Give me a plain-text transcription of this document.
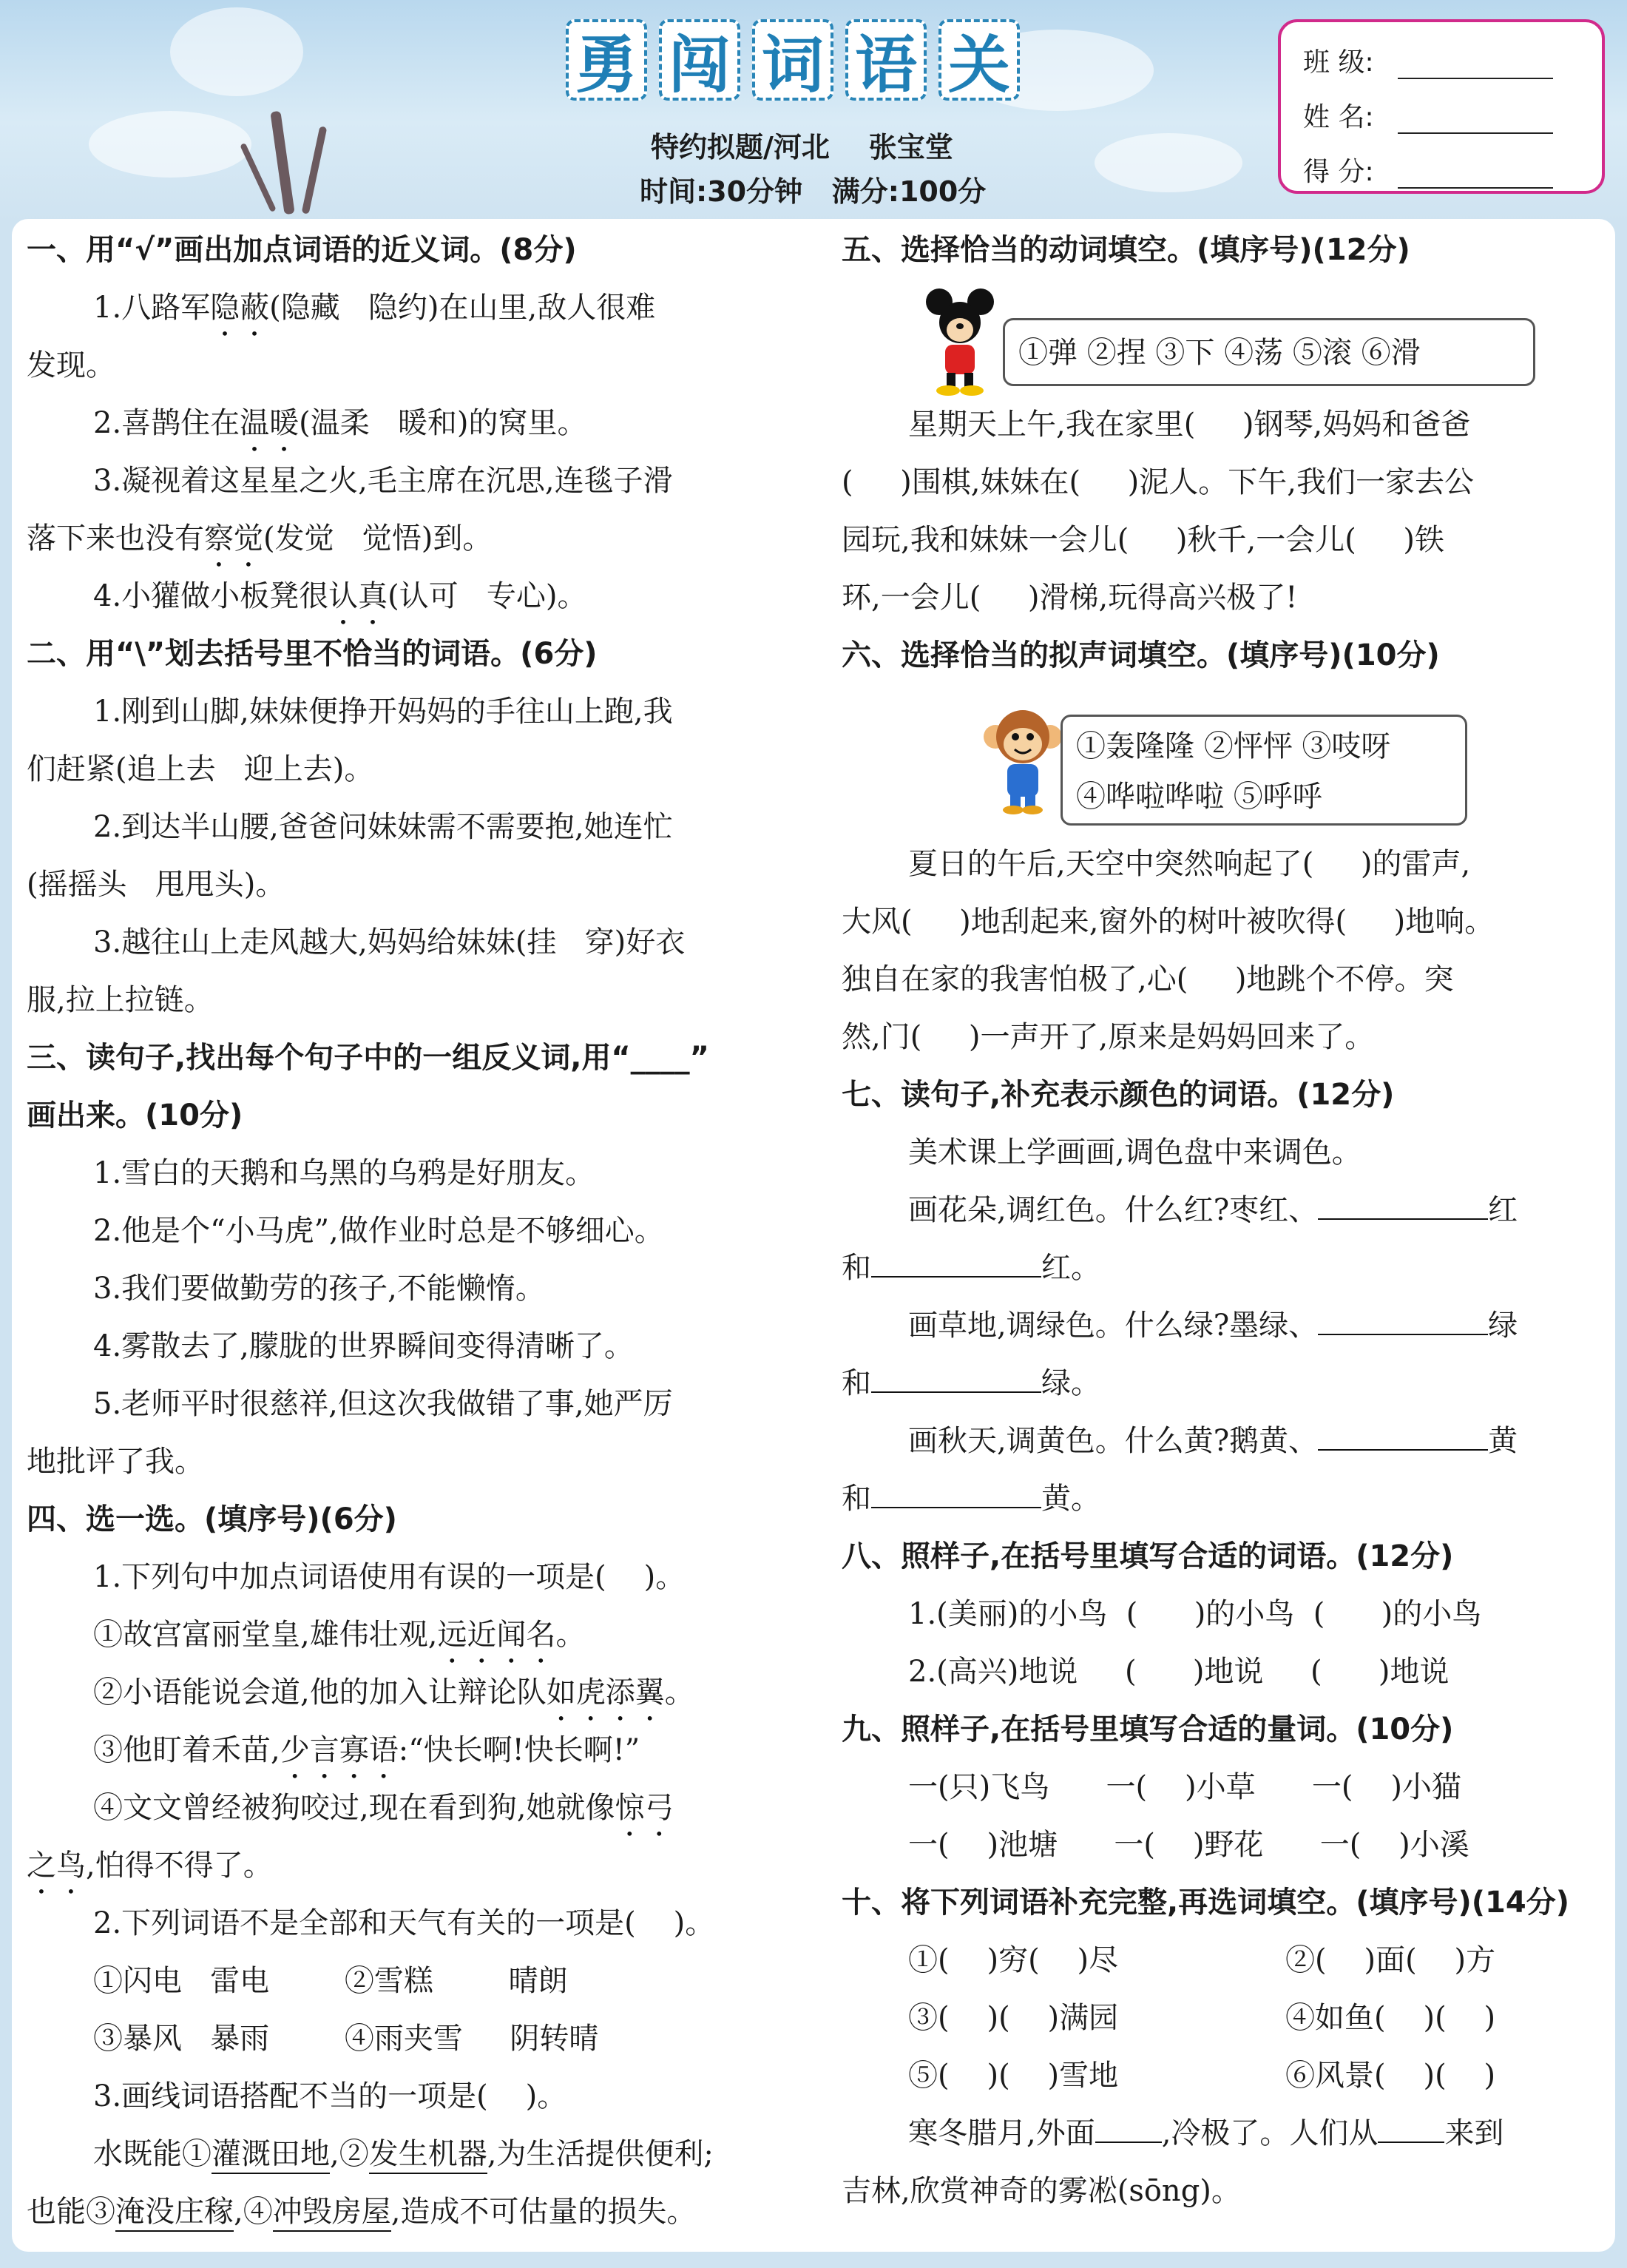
勇 闯 词 语 关
特约拟题/河北    张宝堂
时间:30分钟   满分:100分
班 级:
姓 名:
得 分:
一、用“√”画出加点词语的近义词。(8分)
1.八路军隐蔽(隐藏   隐约)在山里,敌人很难
发现。
2.喜鹊住在温暖(温柔   暖和)的窝里。
3.凝视着这星星之火,毛主席在沉思,连毯子滑
落下来也没有察觉(发觉   觉悟)到。
4.小獾做小板凳很认真(认可   专心)。
二、用“\”划去括号里不恰当的词语。(6分)
1.刚到山脚,妹妹便挣开妈妈的手往山上跑,我
们赶紧(追上去   迎上去)。
2.到达半山腰,爸爸问妹妹需不需要抱,她连忙
(摇摇头   甩甩头)。
3.越往山上走风越大,妈妈给妹妹(挂   穿)好衣
服,拉上拉链。
三、读句子,找出每个句子中的一组反义词,用“____”
画出来。(10分)
1.雪白的天鹅和乌黑的乌鸦是好朋友。
2.他是个“小马虎”,做作业时总是不够细心。
3.我们要做勤劳的孩子,不能懒惰。
4.雾散去了,朦胧的世界瞬间变得清晰了。
5.老师平时很慈祥,但这次我做错了事,她严厉
地批评了我。
四、选一选。(填序号)(6分)
1.下列句中加点词语使用有误的一项是(    )。
①故宫富丽堂皇,雄伟壮观,远近闻名。
②小语能说会道,他的加入让辩论队如虎添翼。
③他盯着禾苗,少言寡语:“快长啊!快长啊!”
④文文曾经被狗咬过,现在看到狗,她就像惊弓
之鸟,怕得不得了。
2.下列词语不是全部和天气有关的一项是(    )。
①闪电   雷电        ②雪糕        晴朗
③暴风   暴雨        ④雨夹雪     阴转晴
3.画线词语搭配不当的一项是(    )。
水既能①灌溉田地,②发生机器,为生活提供便利;
也能③淹没庄稼,④冲毁房屋,造成不可估量的损失。
五、选择恰当的动词填空。(填序号)(12分)
①弹 ②捏 ③下 ④荡 ⑤滚 ⑥滑
星期天上午,我在家里(     )钢琴,妈妈和爸爸
(     )围棋,妹妹在(     )泥人。下午,我们一家去公
园玩,我和妹妹一会儿(     )秋千,一会儿(     )铁
环,一会儿(     )滑梯,玩得高兴极了!
六、选择恰当的拟声词填空。(填序号)(10分)
①轰隆隆 ②怦怦 ③吱呀
④哗啦哗啦 ⑤呼呼
夏日的午后,天空中突然响起了(     )的雷声,
大风(     )地刮起来,窗外的树叶被吹得(     )地响。
独自在家的我害怕极了,心(     )地跳个不停。突
然,门(     )一声开了,原来是妈妈回来了。
七、读句子,补充表示颜色的词语。(12分)
美术课上学画画,调色盘中来调色。
画花朵,调红色。什么红?枣红、	红
和	红。
画草地,调绿色。什么绿?墨绿、	绿
和	绿。
画秋天,调黄色。什么黄?鹅黄、	黄
和	黄。
八、照样子,在括号里填写合适的词语。(12分)
1.(美丽)的小鸟  (      )的小鸟  (      )的小鸟
2.(高兴)地说     (      )地说     (      )地说
九、照样子,在括号里填写合适的量词。(10分)
一(只)飞鸟      一(    )小草      一(    )小猫
一(    )池塘      一(    )野花      一(    )小溪
十、将下列词语补充完整,再选词填空。(填序号)(14分)
①(    )穷(    )尽	②(    )面(    )方
③(    )(    )满园	④如鱼(    )(    )
⑤(    )(    )雪地	⑥风景(    )(    )
寒冬腊月,外面 ,冷极了。人们从 来到
吉林,欣赏神奇的雾凇(sōng)。
